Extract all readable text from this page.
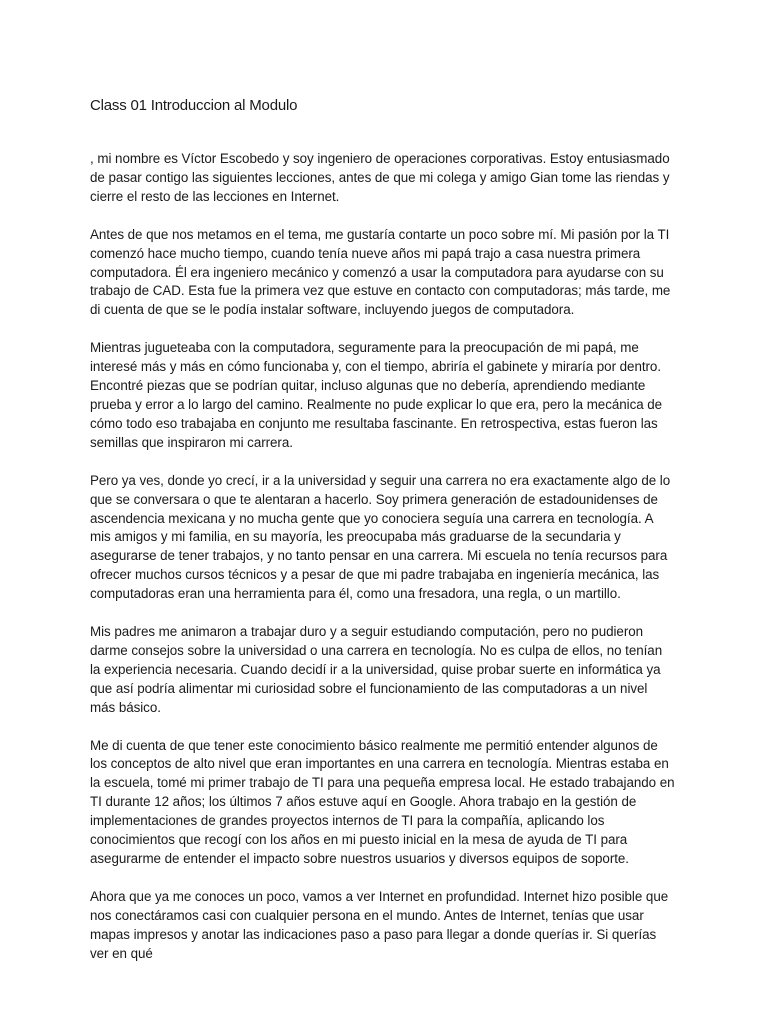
Class 01 Introduccion al Modulo

, mi nombre es Víctor Escobedo y soy ingeniero de operaciones corporativas. Estoy entusiasmado de pasar contigo las siguientes lecciones, antes de que mi colega y amigo Gian tome las riendas y cierre el resto de las lecciones en Internet.

Antes de que nos metamos en el tema, me gustaría contarte un poco sobre mí. Mi pasión por la TI comenzó hace mucho tiempo, cuando tenía nueve años mi papá trajo a casa nuestra primera computadora. Él era ingeniero mecánico y comenzó a usar la computadora para ayudarse con su trabajo de CAD. Esta fue la primera vez que estuve en contacto con computadoras; más tarde, me di cuenta de que se le podía instalar software, incluyendo juegos de computadora.

Mientras jugueteaba con la computadora, seguramente para la preocupación de mi papá, me interesé más y más en cómo funcionaba y, con el tiempo, abriría el gabinete y miraría por dentro. Encontré piezas que se podrían quitar, incluso algunas que no debería, aprendiendo mediante prueba y error a lo largo del camino. Realmente no pude explicar lo que era, pero la mecánica de cómo todo eso trabajaba en conjunto me resultaba fascinante. En retrospectiva, estas fueron las semillas que inspiraron mi carrera.

Pero ya ves, donde yo crecí, ir a la universidad y seguir una carrera no era exactamente algo de lo que se conversara o que te alentaran a hacerlo. Soy primera generación de estadounidenses de ascendencia mexicana y no mucha gente que yo conociera seguía una carrera en tecnología. A mis amigos y mi familia, en su mayoría, les preocupaba más graduarse de la secundaria y asegurarse de tener trabajos, y no tanto pensar en una carrera. Mi escuela no tenía recursos para ofrecer muchos cursos técnicos y a pesar de que mi padre trabajaba en ingeniería mecánica, las computadoras eran una herramienta para él, como una fresadora, una regla, o un martillo.

Mis padres me animaron a trabajar duro y a seguir estudiando computación, pero no pudieron darme consejos sobre la universidad o una carrera en tecnología. No es culpa de ellos, no tenían la experiencia necesaria. Cuando decidí ir a la universidad, quise probar suerte en informática ya que así podría alimentar mi curiosidad sobre el funcionamiento de las computadoras a un nivel más básico.

Me di cuenta de que tener este conocimiento básico realmente me permitió entender algunos de los conceptos de alto nivel que eran importantes en una carrera en tecnología. Mientras estaba en la escuela, tomé mi primer trabajo de TI para una pequeña empresa local. He estado trabajando en TI durante 12 años; los últimos 7 años estuve aquí en Google. Ahora trabajo en la gestión de implementaciones de grandes proyectos internos de TI para la compañía, aplicando los conocimientos que recogí con los años en mi puesto inicial en la mesa de ayuda de TI para asegurarme de entender el impacto sobre nuestros usuarios y diversos equipos de soporte.

Ahora que ya me conoces un poco, vamos a ver Internet en profundidad. Internet hizo posible que nos conectáramos casi con cualquier persona en el mundo. Antes de Internet, tenías que usar mapas impresos y anotar las indicaciones paso a paso para llegar a donde querías ir. Si querías ver en qué
